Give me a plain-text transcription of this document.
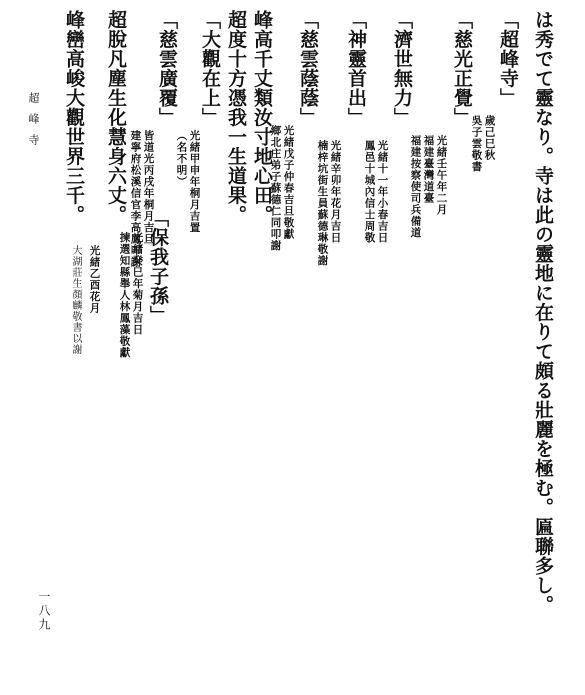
は秀でて靈なり。寺は此の靈地に在りて頗る壯麗を極む。匾聯多し。
「超峰寺」
歲己巳秋
吳子雲敬書
「慈光正覺」
光緒壬午年二月
福建臺灣道臺
福建按察使司兵備道
「濟世無力」
光緒十一年小春吉日
鳳邑十城內信士周敬
「神靈首出」
光緒辛卯年花月吉日
楠梓坑街生員蘇德琳敬謝
「慈雲蔭蔭」
光緒戊子仲春吉旦敬獻
鄉北庄弟子蘇德仁同叩謝
峰高千丈類汝寸地心田。
超度十方憑我一生道果。
「大觀在上」
光緒甲申年桐月吉置
（名不明）
「慈雲廣覆」
皆道光丙戌年桐月吉旦
建寧府松溪信官李高鳳叩謝 「保我子孫」
光緒癸巳年菊月吉日
揀選知縣舉人林鳳藻敬獻
超脫凡塵生化慧身六丈。
光緒乙酉花月
峰巒高峻大觀世界三千。
大湖莊生顏麟敬書以謝
超峰寺
一八九
